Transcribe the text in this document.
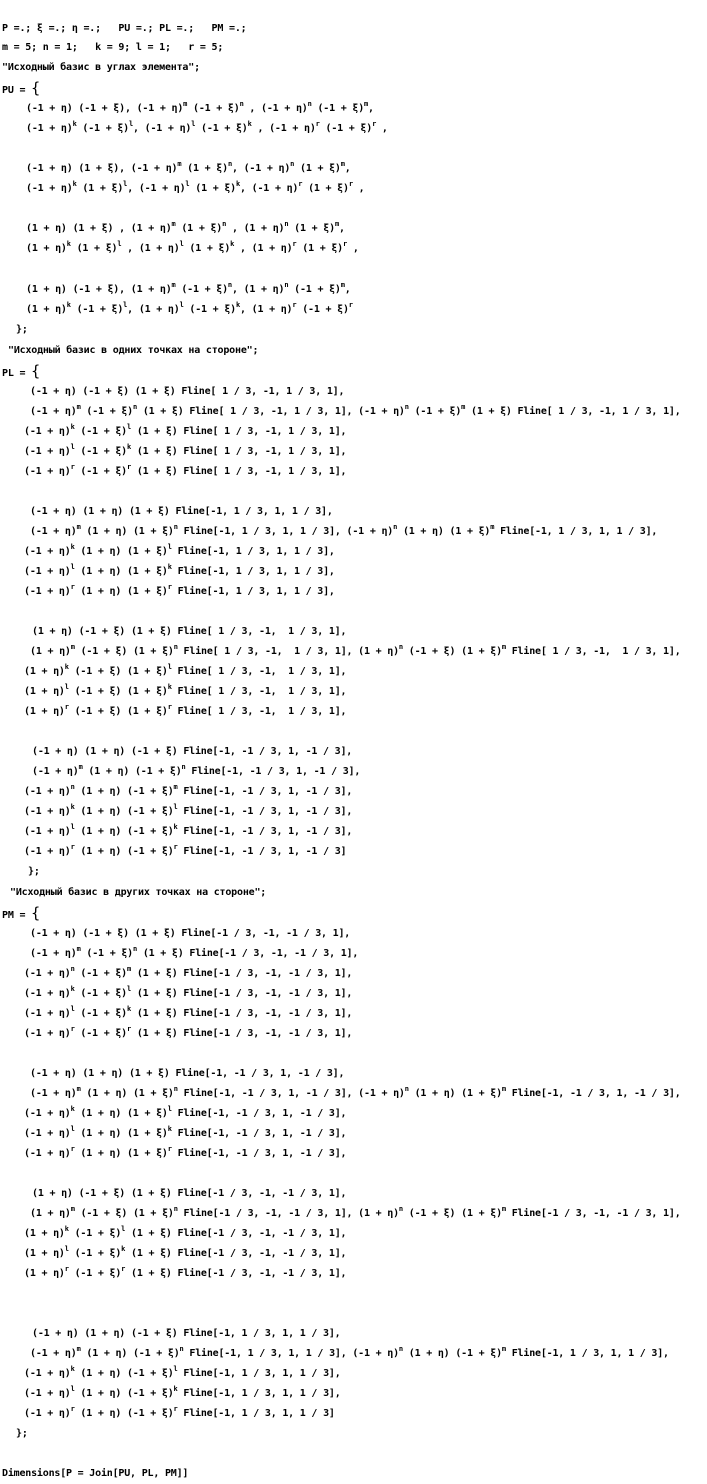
P =.; ξ =.; η =.;   PU =.; PL =.;   PM =.;
m = 5; n = 1;   k = 9; l = 1;   r = 5;
"Исходный базис в углах элемента";
PU = {
(-1 + η) (-1 + ξ), $(-1 + \eta)^m$ $(-1 + \xi)^n$ , $(-1 + \eta)^n$ $(-1 + \xi)^m$,
$(-1 + \eta)^k$ $(-1 + \xi)^l$, $(-1 + \eta)^l$ $(-1 + \xi)^k$ , $(-1 + \eta)^r$ $(-1 + \xi)^r$ ,
(-1 + η) (1 + ξ), $(-1 + \eta)^m$ $(1 + \xi)^n$, $(-1 + \eta)^n$ $(1 + \xi)^m$,
$(-1 + \eta)^k$ $(1 + \xi)^l$, $(-1 + \eta)^l$ $(1 + \xi)^k$, $(-1 + \eta)^r$ $(1 + \xi)^r$ ,
(1 + η) (1 + ξ) , $(1 + \eta)^m$ $(1 + \xi)^n$ , $(1 + \eta)^n$ $(1 + \xi)^m$,
$(1 + \eta)^k$ $(1 + \xi)^l$ , $(1 + \eta)^l$ $(1 + \xi)^k$ , $(1 + \eta)^r$ $(1 + \xi)^r$ ,
(1 + η) (-1 + ξ), $(1 + \eta)^m$ $(-1 + \xi)^n$, $(1 + \eta)^n$ $(-1 + \xi)^m$,
$(1 + \eta)^k$ $(-1 + \xi)^l$, $(1 + \eta)^l$ $(-1 + \xi)^k$, $(1 + \eta)^r$ $(-1 + \xi)^r$
};
"Исходный базис в одних точках на стороне";
PL = {
(-1 + η) (-1 + ξ) (1 + ξ) Fline[ 1 / 3, -1, 1 / 3, 1],
$(-1 + \eta)^m$ $(-1 + \xi)^n$ (1 + ξ) Fline[ 1 / 3, -1, 1 / 3, 1], $(-1 + \eta)^n$ $(-1 + \xi)^m$ (1 + ξ) Fline[ 1 / 3, -1, 1 / 3, 1],
$(-1 + \eta)^k$ $(-1 + \xi)^l$ (1 + ξ) Fline[ 1 / 3, -1, 1 / 3, 1],
$(-1 + \eta)^l$ $(-1 + \xi)^k$ (1 + ξ) Fline[ 1 / 3, -1, 1 / 3, 1],
$(-1 + \eta)^r$ $(-1 + \xi)^r$ (1 + ξ) Fline[ 1 / 3, -1, 1 / 3, 1],
(-1 + η) (1 + η) (1 + ξ) Fline[-1, 1 / 3, 1, 1 / 3],
$(-1 + \eta)^m$ (1 + η) $(1 + \xi)^n$ Fline[-1, 1 / 3, 1, 1 / 3], $(-1 + \eta)^n$ (1 + η) $(1 + \xi)^m$ Fline[-1, 1 / 3, 1, 1 / 3],
$(-1 + \eta)^k$ (1 + η) $(1 + \xi)^l$ Fline[-1, 1 / 3, 1, 1 / 3],
$(-1 + \eta)^l$ (1 + η) $(1 + \xi)^k$ Fline[-1, 1 / 3, 1, 1 / 3],
$(-1 + \eta)^r$ (1 + η) $(1 + \xi)^r$ Fline[-1, 1 / 3, 1, 1 / 3],
(1 + η) (-1 + ξ) (1 + ξ) Fline[ 1 / 3, -1,  1 / 3, 1],
$(1 + \eta)^m$ (-1 + ξ) $(1 + \xi)^n$ Fline[ 1 / 3, -1,  1 / 3, 1], $(1 + \eta)^n$ (-1 + ξ) $(1 + \xi)^m$ Fline[ 1 / 3, -1,  1 / 3, 1],
$(1 + \eta)^k$ (-1 + ξ) $(1 + \xi)^l$ Fline[ 1 / 3, -1,  1 / 3, 1],
$(1 + \eta)^l$ (-1 + ξ) $(1 + \xi)^k$ Fline[ 1 / 3, -1,  1 / 3, 1],
$(1 + \eta)^r$ (-1 + ξ) $(1 + \xi)^r$ Fline[ 1 / 3, -1,  1 / 3, 1],
(-1 + η) (1 + η) (-1 + ξ) Fline[-1, -1 / 3, 1, -1 / 3],
$(-1 + \eta)^m$ (1 + η) $(-1 + \xi)^n$ Fline[-1, -1 / 3, 1, -1 / 3],
$(-1 + \eta)^n$ (1 + η) $(-1 + \xi)^m$ Fline[-1, -1 / 3, 1, -1 / 3],
$(-1 + \eta)^k$ (1 + η) $(-1 + \xi)^l$ Fline[-1, -1 / 3, 1, -1 / 3],
$(-1 + \eta)^l$ (1 + η) $(-1 + \xi)^k$ Fline[-1, -1 / 3, 1, -1 / 3],
$(-1 + \eta)^r$ (1 + η) $(-1 + \xi)^r$ Fline[-1, -1 / 3, 1, -1 / 3]
};
"Исходный базис в других точках на стороне";
PM = {
(-1 + η) (-1 + ξ) (1 + ξ) Fline[-1 / 3, -1, -1 / 3, 1],
$(-1 + \eta)^m$ $(-1 + \xi)^n$ (1 + ξ) Fline[-1 / 3, -1, -1 / 3, 1],
$(-1 + \eta)^n$ $(-1 + \xi)^m$ (1 + ξ) Fline[-1 / 3, -1, -1 / 3, 1],
$(-1 + \eta)^k$ $(-1 + \xi)^l$ (1 + ξ) Fline[-1 / 3, -1, -1 / 3, 1],
$(-1 + \eta)^l$ $(-1 + \xi)^k$ (1 + ξ) Fline[-1 / 3, -1, -1 / 3, 1],
$(-1 + \eta)^r$ $(-1 + \xi)^r$ (1 + ξ) Fline[-1 / 3, -1, -1 / 3, 1],
(-1 + η) (1 + η) (1 + ξ) Fline[-1, -1 / 3, 1, -1 / 3],
$(-1 + \eta)^m$ (1 + η) $(1 + \xi)^n$ Fline[-1, -1 / 3, 1, -1 / 3], $(-1 + \eta)^n$ (1 + η) $(1 + \xi)^m$ Fline[-1, -1 / 3, 1, -1 / 3],
$(-1 + \eta)^k$ (1 + η) $(1 + \xi)^l$ Fline[-1, -1 / 3, 1, -1 / 3],
$(-1 + \eta)^l$ (1 + η) $(1 + \xi)^k$ Fline[-1, -1 / 3, 1, -1 / 3],
$(-1 + \eta)^r$ (1 + η) $(1 + \xi)^r$ Fline[-1, -1 / 3, 1, -1 / 3],
(1 + η) (-1 + ξ) (1 + ξ) Fline[-1 / 3, -1, -1 / 3, 1],
$(1 + \eta)^m$ (-1 + ξ) $(1 + \xi)^n$ Fline[-1 / 3, -1, -1 / 3, 1], $(1 + \eta)^n$ (-1 + ξ) $(1 + \xi)^m$ Fline[-1 / 3, -1, -1 / 3, 1],
$(1 + \eta)^k$ $(-1 + \xi)^l$ (1 + ξ) Fline[-1 / 3, -1, -1 / 3, 1],
$(1 + \eta)^l$ $(-1 + \xi)^k$ (1 + ξ) Fline[-1 / 3, -1, -1 / 3, 1],
$(1 + \eta)^r$ $(-1 + \xi)^r$ (1 + ξ) Fline[-1 / 3, -1, -1 / 3, 1],
(-1 + η) (1 + η) (-1 + ξ) Fline[-1, 1 / 3, 1, 1 / 3],
$(-1 + \eta)^m$ (1 + η) $(-1 + \xi)^n$ Fline[-1, 1 / 3, 1, 1 / 3], $(-1 + \eta)^n$ (1 + η) $(-1 + \xi)^m$ Fline[-1, 1 / 3, 1, 1 / 3],
$(-1 + \eta)^k$ (1 + η) $(-1 + \xi)^l$ Fline[-1, 1 / 3, 1, 1 / 3],
$(-1 + \eta)^l$ (1 + η) $(-1 + \xi)^k$ Fline[-1, 1 / 3, 1, 1 / 3],
$(-1 + \eta)^r$ (1 + η) $(-1 + \xi)^r$ Fline[-1, 1 / 3, 1, 1 / 3]
};
Dimensions[P = Join[PU, PL, PM]]
